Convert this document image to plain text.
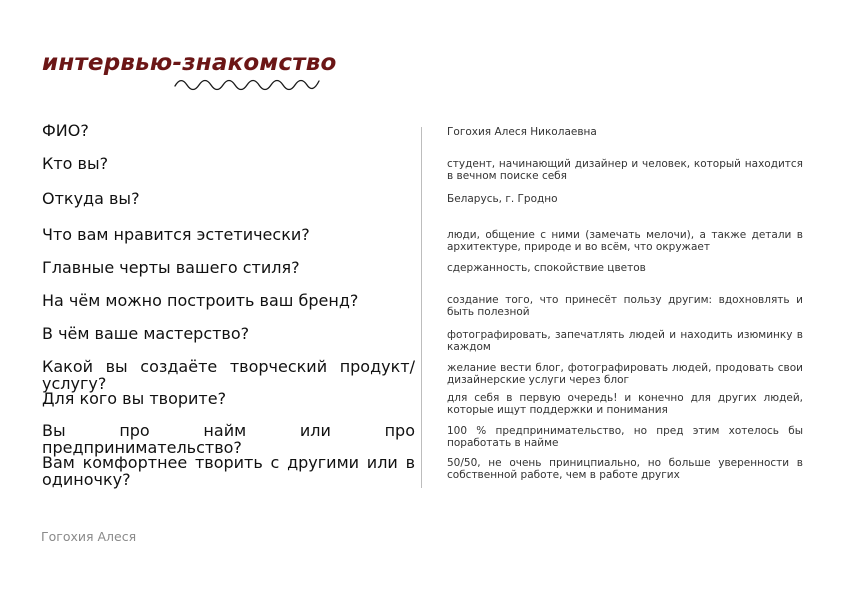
интервью-знакомство
ФИО?
Кто вы?
Откуда вы?
Что вам нравится эстетически?
Главные черты вашего стиля?
На чём можно построить ваш бренд?
В чём ваше мастерство?
Какой вы создаёте творческий продукт/услугу?
Для кого вы творите?
Вы про найм или про предпринимательство?
Вам комфортнее творить с другими или в одиночку?
Гогохия Алеся Николаевна
студент, начинающий дизайнер и человек, который находится в вечном поиске себя
Беларусь, г. Гродно
люди, общение с ними (замечать мелочи), а также детали в архитектуре, природе и во всём, что окружает
сдержанность, спокойствие цветов
создание того, что принесёт пользу другим: вдохновлять и быть полезной
фотографировать, запечатлять людей и находить изюминку в каждом
желание вести блог, фотографировать людей, продовать свои дизайнерские услуги через блог
для себя в первую очередь! и конечно для других людей, которые ищут поддержки и понимания
100 % предпринимательство, но пред этим хотелось бы поработать в найме
50/50, не очень приницпиально, но больше уверенности в собственной работе, чем в работе других
Гогохия Алеся
